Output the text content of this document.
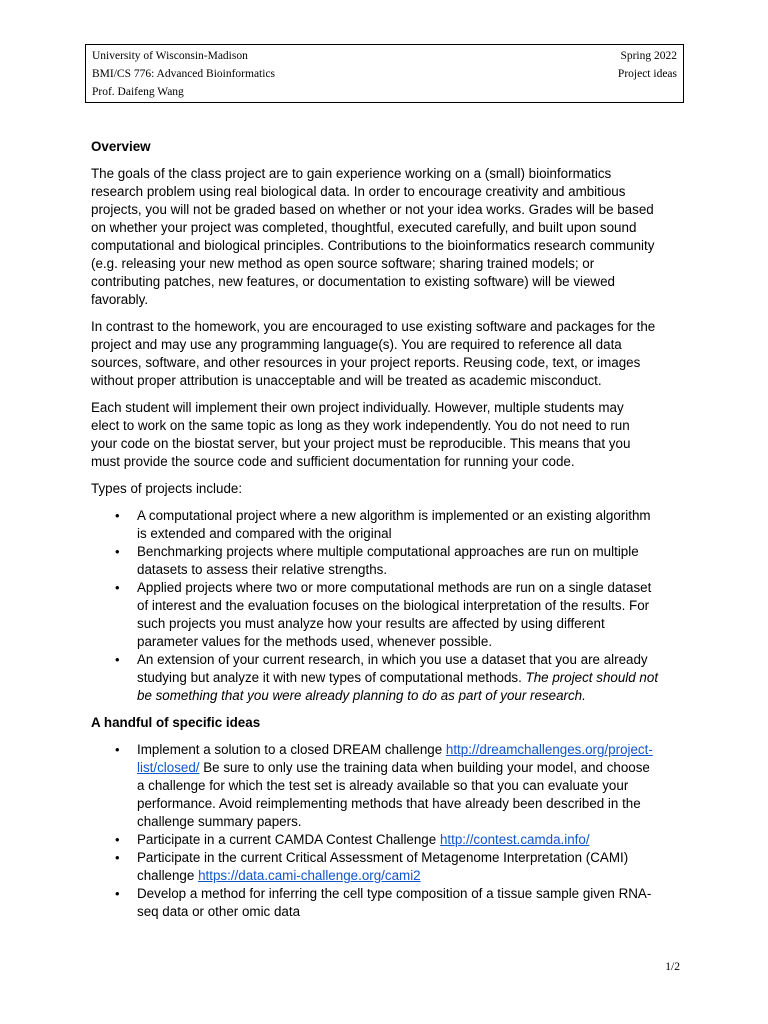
University of Wisconsin-Madison	Spring 2022
BMI/CS 776: Advanced Bioinformatics	Project ideas
Prof. Daifeng Wang
Overview
The goals of the class project are to gain experience working on a (small) bioinformatics
research problem using real biological data. In order to encourage creativity and ambitious
projects, you will not be graded based on whether or not your idea works. Grades will be based
on whether your project was completed, thoughtful, executed carefully, and built upon sound
computational and biological principles. Contributions to the bioinformatics research community
(e.g. releasing your new method as open source software; sharing trained models; or
contributing patches, new features, or documentation to existing software) will be viewed
favorably.
In contrast to the homework, you are encouraged to use existing software and packages for the
project and may use any programming language(s). You are required to reference all data
sources, software, and other resources in your project reports. Reusing code, text, or images
without proper attribution is unacceptable and will be treated as academic misconduct.
Each student will implement their own project individually. However, multiple students may
elect to work on the same topic as long as they work independently. You do not need to run
your code on the biostat server, but your project must be reproducible. This means that you
must provide the source code and sufficient documentation for running your code.
Types of projects include:
•	A computational project where a new algorithm is implemented or an existing algorithm
is extended and compared with the original
•	Benchmarking projects where multiple computational approaches are run on multiple
datasets to assess their relative strengths.
•	Applied projects where two or more computational methods are run on a single dataset
of interest and the evaluation focuses on the biological interpretation of the results. For
such projects you must analyze how your results are affected by using different
parameter values for the methods used, whenever possible.
•	An extension of your current research, in which you use a dataset that you are already
studying but analyze it with new types of computational methods. The project should not
be something that you were already planning to do as part of your research.
A handful of specific ideas
•	Implement a solution to a closed DREAM challenge http://dreamchallenges.org/project-
list/closed/ Be sure to only use the training data when building your model, and choose
a challenge for which the test set is already available so that you can evaluate your
performance. Avoid reimplementing methods that have already been described in the
challenge summary papers.
•	Participate in a current CAMDA Contest Challenge http://contest.camda.info/
•	Participate in the current Critical Assessment of Metagenome Interpretation (CAMI)
challenge https://data.cami-challenge.org/cami2
•	Develop a method for inferring the cell type composition of a tissue sample given RNA-
seq data or other omic data
1/2
